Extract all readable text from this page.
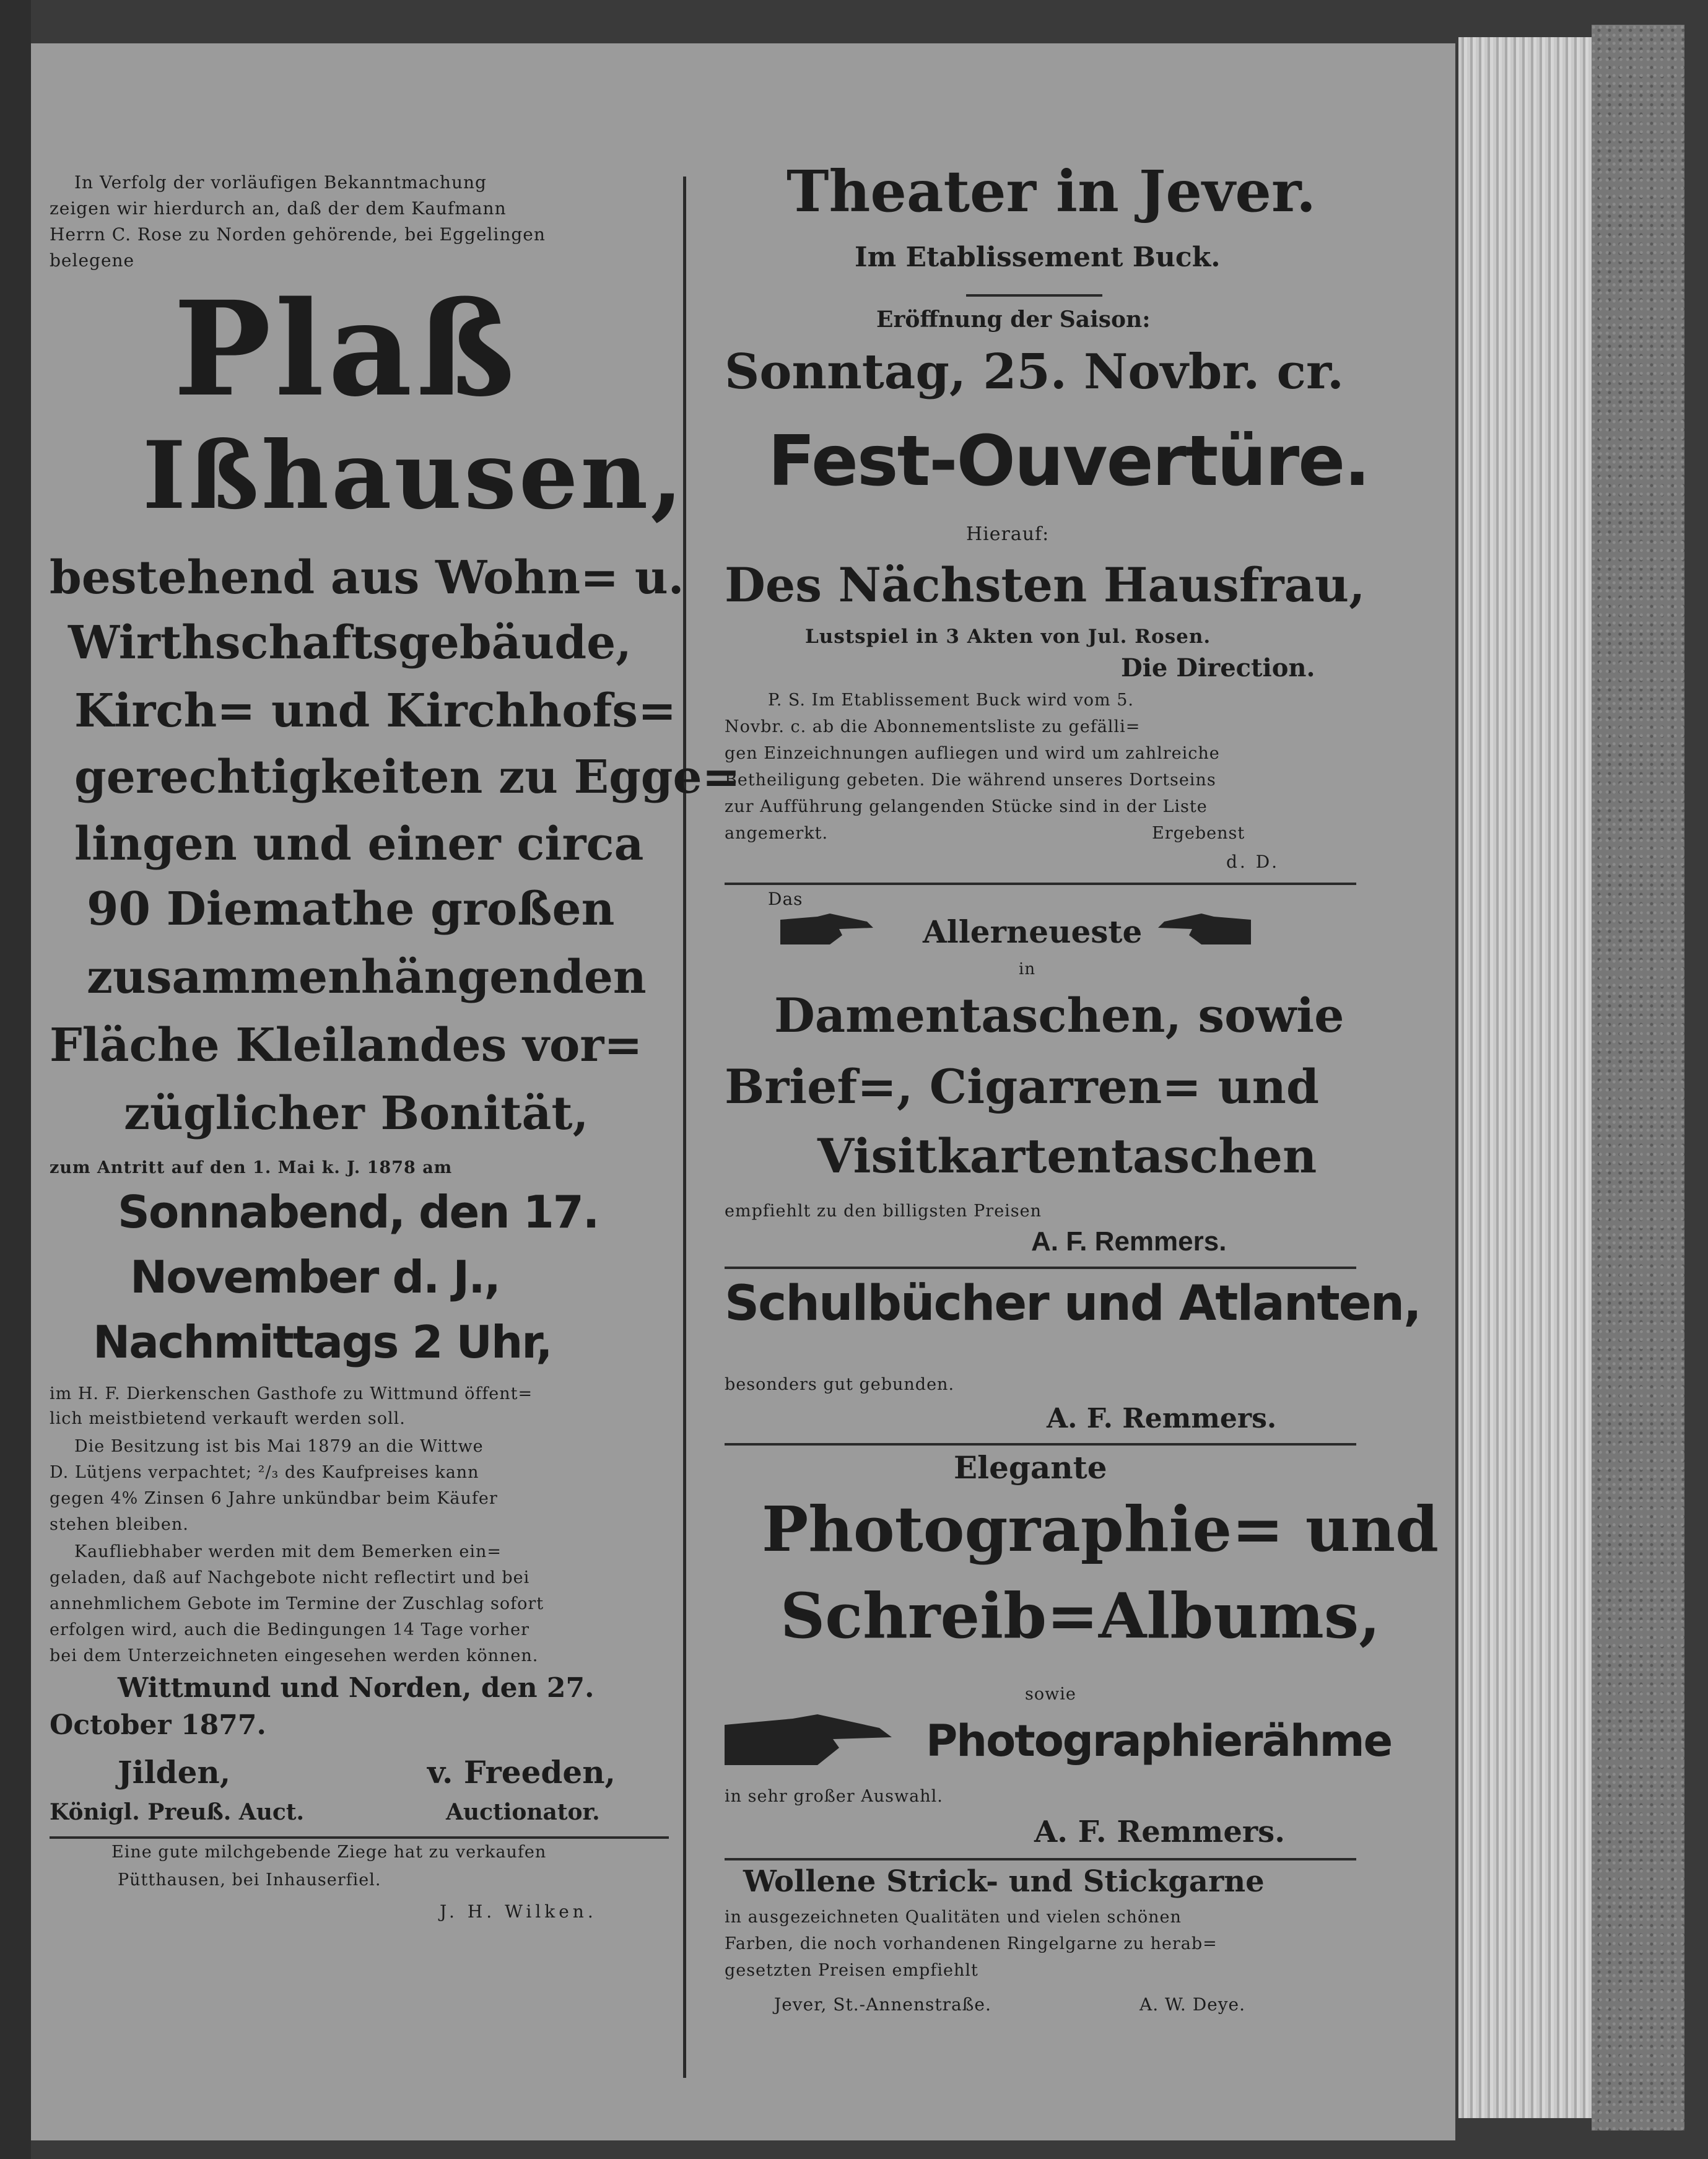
In Verfolg der vorläufigen Bekanntmachung

zeigen wir hierdurch an, daß der dem Kaufmann

Herrn C. Rose zu Norden gehörende, bei Eggelingen

belegene

Plaß

Ißhausen,

bestehend aus Wohn= u.

Wirthschaftsgebäude,

Kirch= und Kirchhofs=

gerechtigkeiten zu Egge=

lingen und einer circa

90 Diemathe großen

zusammenhängenden

Fläche Kleilandes vor=

züglicher Bonität,

zum Antritt auf den 1. Mai k. J. 1878 am

Sonnabend, den 17.

November d. J.,

Nachmittags 2 Uhr,

im H. F. Dierkenschen Gasthofe zu Wittmund öffent=

lich meistbietend verkauft werden soll.

Die Besitzung ist bis Mai 1879 an die Wittwe

D. Lütjens verpachtet; ²/₃ des Kaufpreises kann

gegen 4% Zinsen 6 Jahre unkündbar beim Käufer

stehen bleiben.

Kaufliebhaber werden mit dem Bemerken ein=

geladen, daß auf Nachgebote nicht reflectirt und bei

annehmlichem Gebote im Termine der Zuschlag sofort

erfolgen wird, auch die Bedingungen 14 Tage vorher

bei dem Unterzeichneten eingesehen werden können.

Wittmund und Norden, den 27.

October 1877.

Jilden,	v. Freeden,

Königl. Preuß. Auct.	Auctionator.

Eine gute milchgebende Ziege hat zu verkaufen

Pütthausen, bei Inhauserfiel.

J. H. Wilken.

Theater in Jever.

Im Etablissement Buck.

Eröffnung der Saison:

Sonntag, 25. Novbr. cr.

Fest-Ouvertüre.

Hierauf:

Des Nächsten Hausfrau,

Lustspiel in 3 Akten von Jul. Rosen.

Die Direction.

P. S. Im Etablissement Buck wird vom 5.

Novbr. c. ab die Abonnementsliste zu gefälli=

gen Einzeichnungen aufliegen und wird um zahlreiche

Betheiligung gebeten. Die während unseres Dortseins

zur Aufführung gelangenden Stücke sind in der Liste

angemerkt.	Ergebenst

d. D.

Das

Allerneueste

in

Damentaschen, sowie

Brief=, Cigarren= und

Visitkartentaschen

empfiehlt zu den billigsten Preisen

A. F. Remmers.

Schulbücher und Atlanten,

besonders gut gebunden.

A. F. Remmers.

Elegante

Photographie= und

Schreib=Albums,

sowie

Photographierähme

in sehr großer Auswahl.

A. F. Remmers.

Wollene Strick- und Stickgarne

in ausgezeichneten Qualitäten und vielen schönen

Farben, die noch vorhandenen Ringelgarne zu herab=

gesetzten Preisen empfiehlt

Jever, St.-Annenstraße.	A. W. Deye.
